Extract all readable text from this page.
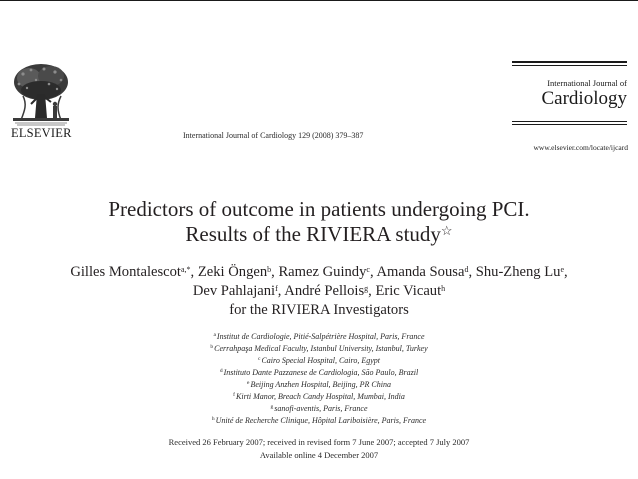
ELSEVIER	International Journal of Cardiology 129 (2008) 379–387
International Journal of
Cardiology
www.elsevier.com/locate/ijcard
Predictors of outcome in patients undergoing PCI.
Results of the RIVIERA study☆
Gilles Montalescot$^{a,*}$, Zeki Öngen$^b$, Ramez Guindy$^c$, Amanda Sousa$^d$, Shu-Zheng Lu$^e$,
Dev Pahlajani$^f$, André Pellois$^g$, Eric Vicaut$^h$
for the RIVIERA Investigators
$^a$Institut de Cardiologie, Pitié-Salpétrière Hospital, Paris, France
$^b$Cerrahpaşa Medical Faculty, Istanbul University, Istanbul, Turkey
$^c$Cairo Special Hospital, Cairo, Egypt
$^d$Instituto Dante Pazzanese de Cardiologia, São Paulo, Brazil
$^e$Beijing Anzhen Hospital, Beijing, PR China
$^f$Kirti Manor, Breach Candy Hospital, Mumbai, India
$^g$sanofi-aventis, Paris, France
$^h$Unité de Recherche Clinique, Hôpital Lariboisière, Paris, France
Received 26 February 2007; received in revised form 7 June 2007; accepted 7 July 2007
Available online 4 December 2007
